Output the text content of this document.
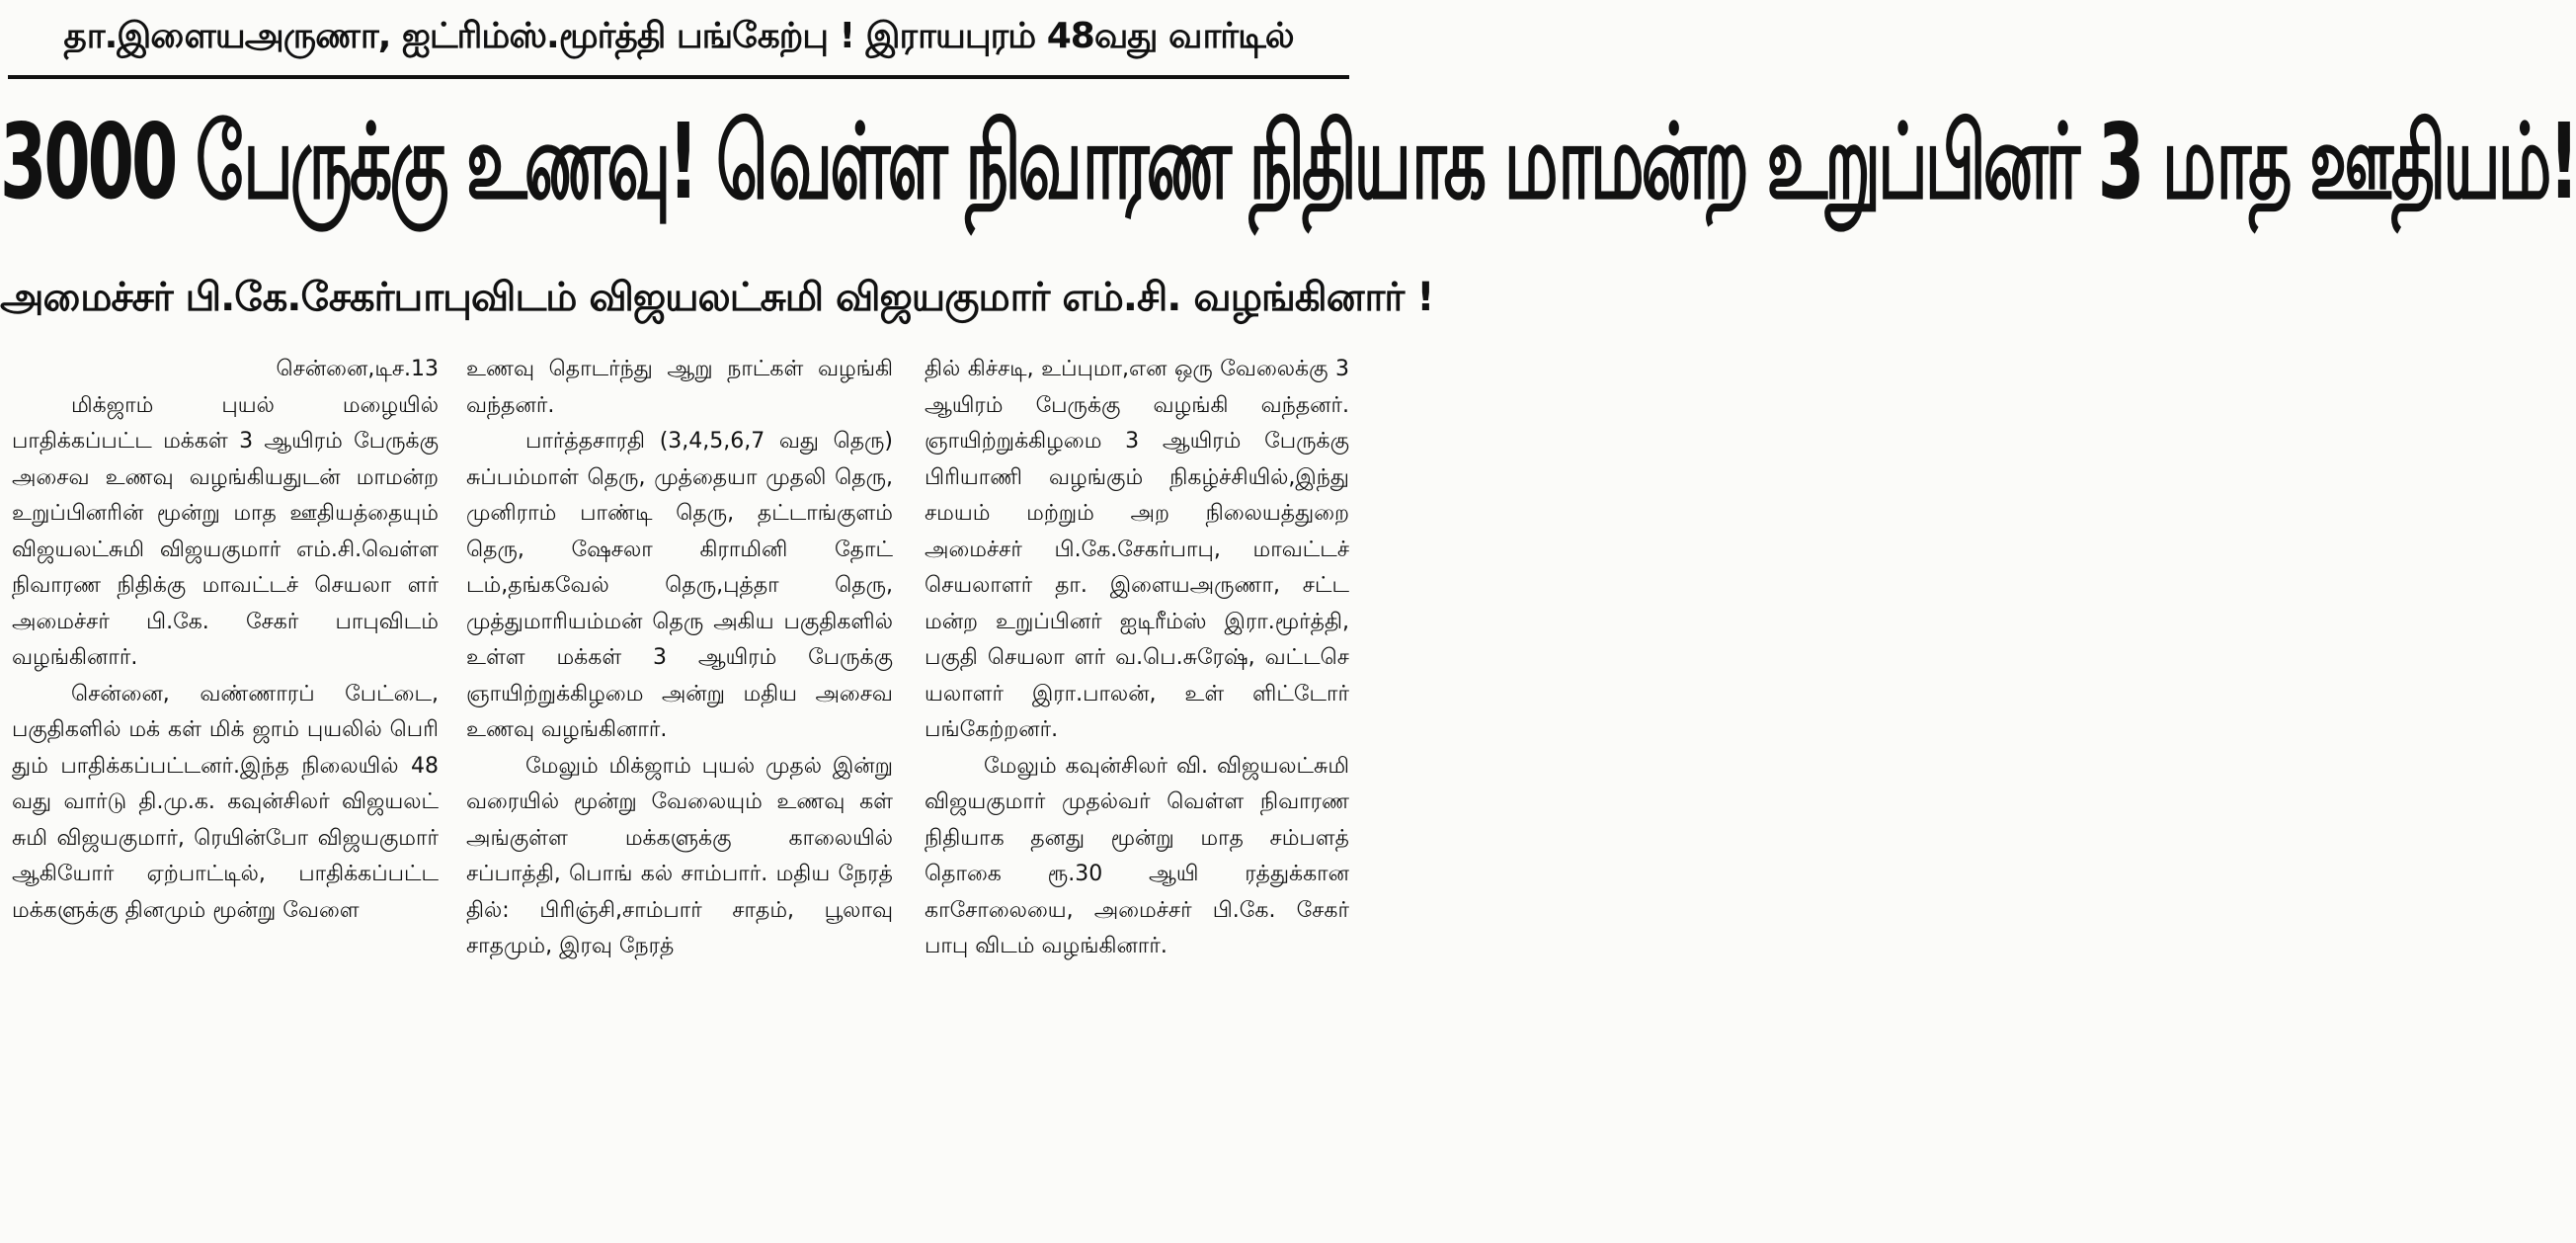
தா.இளையஅருணா, ஐட்ரிம்ஸ்.மூர்த்தி பங்கேற்பு ! இராயபுரம் 48வது வார்டில்
3000 பேருக்கு உணவு! வெள்ள நிவாரண நிதியாக மாமன்ற உறுப்பினர் 3 மாத ஊதியம்!
அமைச்சர் பி.கே.சேகர்பாபுவிடம் விஜயலட்சுமி விஜயகுமார் எம்.சி. வழங்கினார் !

சென்னை,டிச.13

மிக்ஜாம் புயல் மழையில் பாதிக்கப்பட்ட மக்கள் 3 ஆயிரம் பேருக்கு அசைவ உணவு வழங்கியதுடன் மாமன்ற உறுப்பினரின் மூன்று மாத ஊதியத்தையும் விஜயலட்சுமி விஜயகுமார் எம்.சி.வெள்ள நிவாரண நிதிக்கு மாவட்டச் செயலா ளர் அமைச்சர் பி.கே. சேகர் பாபுவிடம் வழங்கினார்.

சென்னை, வண்ணாரப் பேட்டை, பகுதிகளில் மக் கள் மிக் ஜாம் புயலில் பெரி தும் பாதிக்கப்பட்டனர்.இந்த நிலையில் 48 வது வார்டு தி.மு.க. கவுன்சிலர் விஜயலட் சுமி விஜயகுமார், ரெயின்போ விஜயகுமார் ஆகியோர் ஏற்பாட்டில், பாதிக்கப்பட்ட மக்களுக்கு தினமும் மூன்று வேளை

உணவு தொடர்ந்து ஆறு நாட்கள் வழங்கி வந்தனர்.

பார்த்தசாரதி (3,4,5,6,7 வது தெரு) சுப்பம்மாள் தெரு, முத்தையா முதலி தெரு, முனிராம் பாண்டி தெரு, தட்டாங்குளம் தெரு, ஷேசலா கிராமினி தோட் டம்,தங்கவேல் தெரு,புத்தா தெரு, முத்துமாரியம்மன் தெரு அகிய பகுதிகளில் உள்ள மக்கள் 3 ஆயிரம் பேருக்கு ஞாயிற்றுக்கிழமை அன்று மதிய அசைவ உணவு வழங்கினார்.

மேலும் மிக்ஜாம் புயல் முதல் இன்று வரையில் மூன்று வேலையும் உணவு கள் அங்குள்ள மக்களுக்கு காலையில் சப்பாத்தி, பொங் கல் சாம்பார். மதிய நேரத் தில்: பிரிஞ்சி,சாம்பார் சாதம், பூலாவு சாதமும், இரவு நேரத்

தில் கிச்சடி, உப்புமா,என ஒரு வேலைக்கு 3 ஆயிரம் பேருக்கு வழங்கி வந்தனர். ஞாயிற்றுக்கிழமை 3 ஆயிரம் பேருக்கு பிரியாணி வழங்கும் நிகழ்ச்சியில்,இந்து சமயம் மற்றும் அற நிலையத்துறை அமைச்சர் பி.கே.சேகர்பாபு, மாவட்டச் செயலாளர் தா. இளையஅருணா, சட்ட மன்ற உறுப்பினர் ஐடிரீம்ஸ் இரா.மூர்த்தி, பகுதி செயலா ளர் வ.பெ.சுரேஷ், வட்டசெ யலாளர் இரா.பாலன், உள் ளிட்டோர் பங்கேற்றனர்.

மேலும் கவுன்சிலர் வி. விஜயலட்சுமி விஜயகுமார் முதல்வர் வெள்ள நிவாரண நிதியாக தனது மூன்று மாத சம்பளத் தொகை ரூ.30 ஆயி ரத்துக்கான காசோலையை, அமைச்சர் பி.கே. சேகர் பாபு விடம் வழங்கினார்.
